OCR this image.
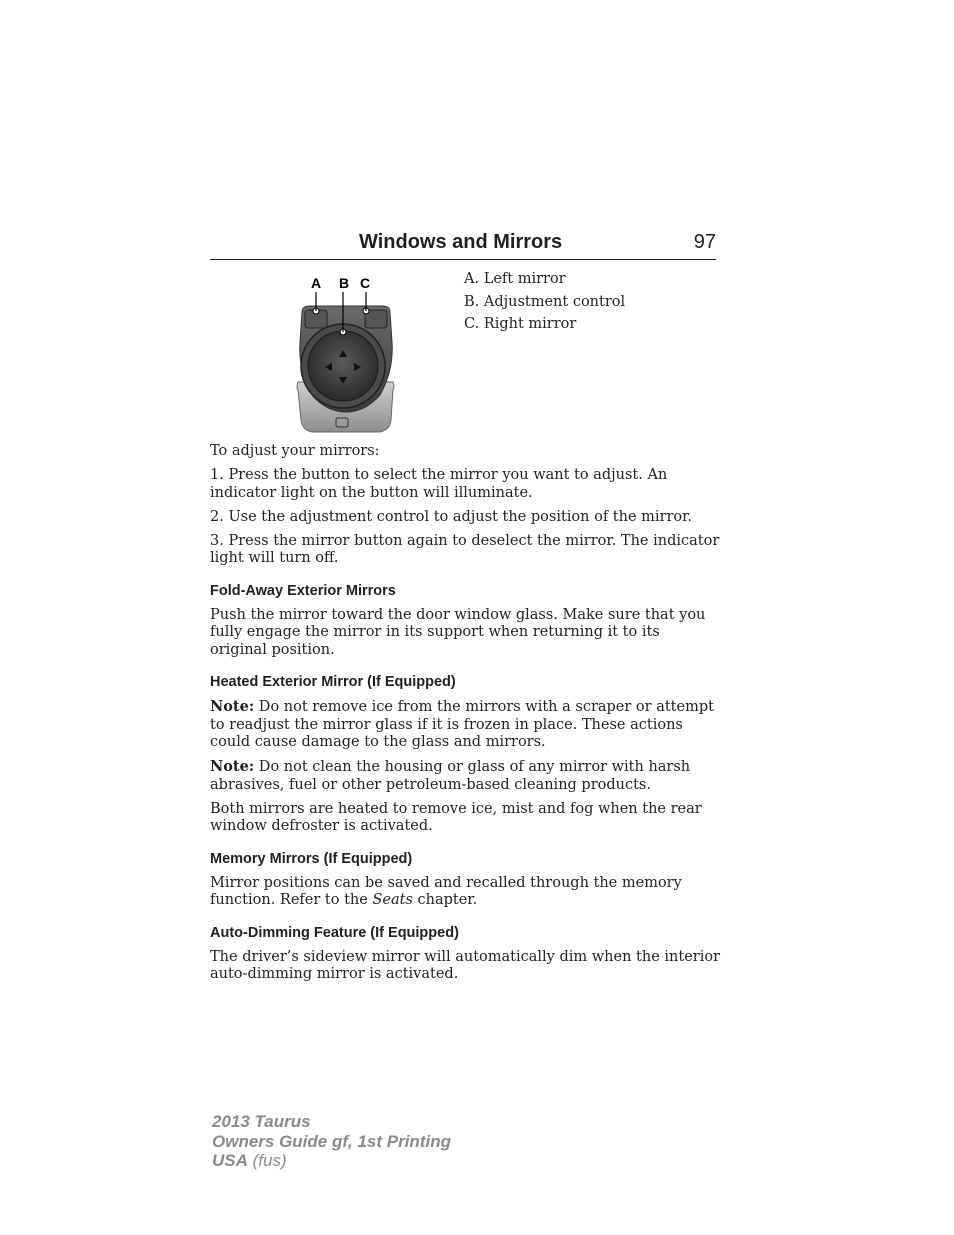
Windows and Mirrors	97
A B C	A. Left mirror
B. Adjustment control
C. Right mirror

To adjust your mirrors:

1. Press the button to select the mirror you want to adjust. An indicator light on the button will illuminate.

2. Use the adjustment control to adjust the position of the mirror.

3. Press the mirror button again to deselect the mirror. The indicator light will turn off.

Fold-Away Exterior Mirrors

Push the mirror toward the door window glass. Make sure that you fully engage the mirror in its support when returning it to its original position.

Heated Exterior Mirror (If Equipped)

Note: Do not remove ice from the mirrors with a scraper or attempt to readjust the mirror glass if it is frozen in place. These actions could cause damage to the glass and mirrors.

Note: Do not clean the housing or glass of any mirror with harsh abrasives, fuel or other petroleum-based cleaning products.

Both mirrors are heated to remove ice, mist and fog when the rear window defroster is activated.

Memory Mirrors (If Equipped)

Mirror positions can be saved and recalled through the memory function. Refer to the Seats chapter.

Auto-Dimming Feature (If Equipped)

The driver’s sideview mirror will automatically dim when the interior auto-dimming mirror is activated.

2013 Taurus
Owners Guide gf, 1st Printing
USA (fus)
